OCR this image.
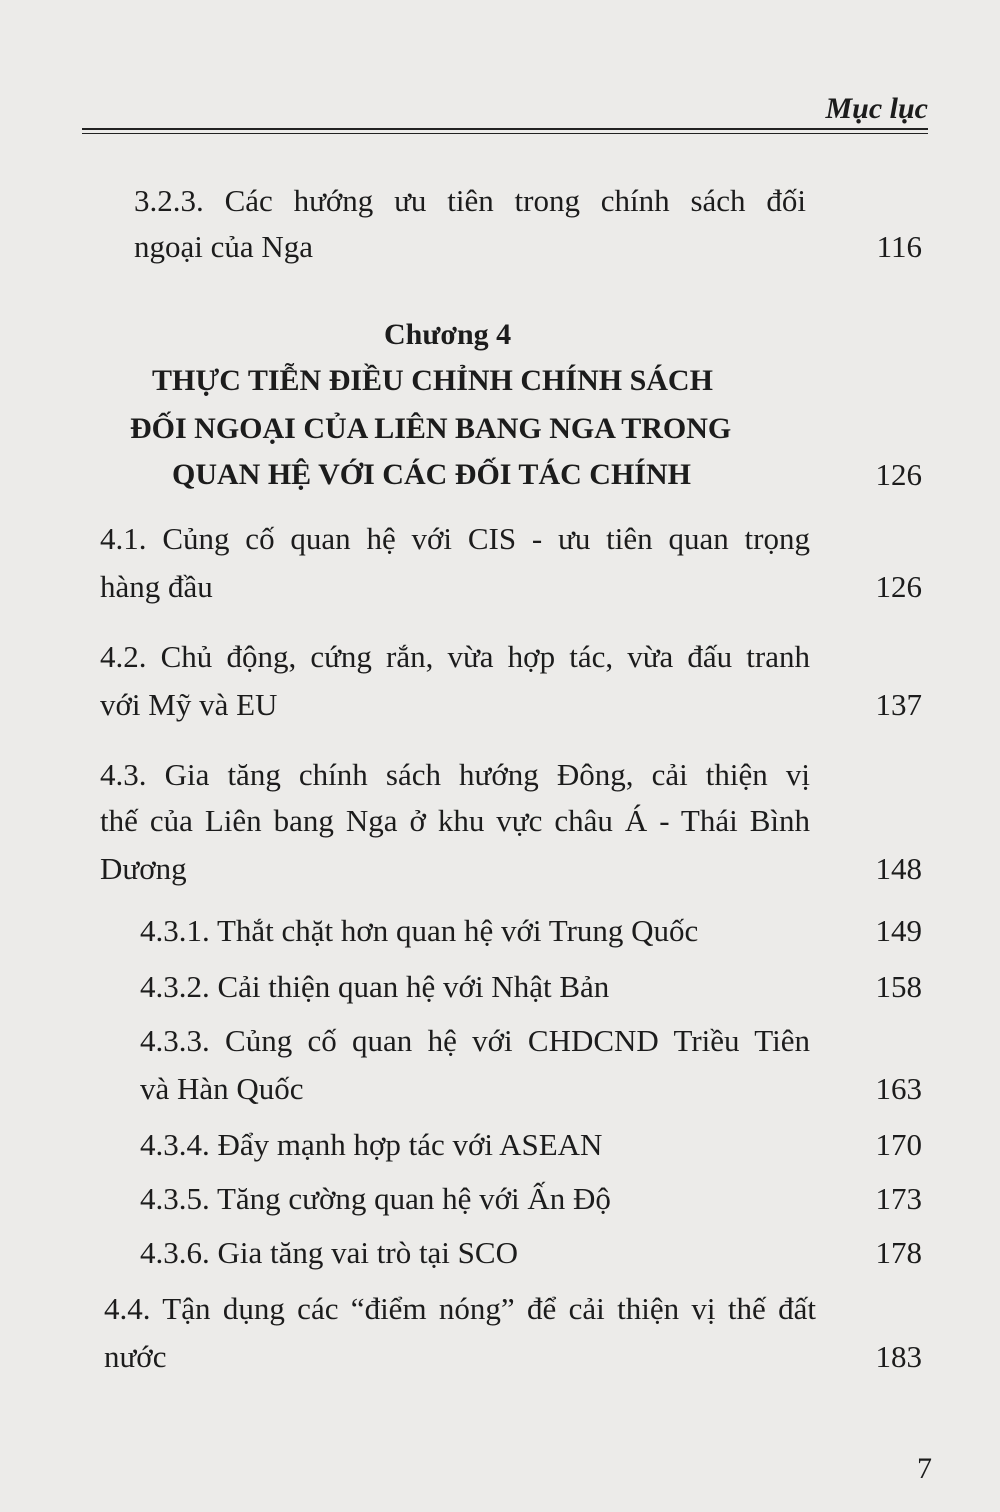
Mục lục
3.2.3. Các hướng ưu tiên trong chính sách đối
ngoại của Nga	116
Chương 4
THỰC TIỄN ĐIỀU CHỈNH CHÍNH SÁCH
ĐỐI NGOẠI CỦA LIÊN BANG NGA TRONG
QUAN HỆ VỚI CÁC ĐỐI TÁC CHÍNH	126
4.1. Củng cố quan hệ với CIS - ưu tiên quan trọng
hàng đầu	126
4.2. Chủ động, cứng rắn, vừa hợp tác, vừa đấu tranh
với Mỹ và EU	137
4.3. Gia tăng chính sách hướng Đông, cải thiện vị
thế của Liên bang Nga ở khu vực châu Á - Thái Bình
Dương	148
4.3.1. Thắt chặt hơn quan hệ với Trung Quốc	149
4.3.2. Cải thiện quan hệ với Nhật Bản	158
4.3.3. Củng cố quan hệ với CHDCND Triều Tiên
và Hàn Quốc	163
4.3.4. Đẩy mạnh hợp tác với ASEAN	170
4.3.5. Tăng cường quan hệ với Ấn Độ	173
4.3.6. Gia tăng vai trò tại SCO	178
4.4. Tận dụng các “điểm nóng” để cải thiện vị thế đất
nước	183
7
